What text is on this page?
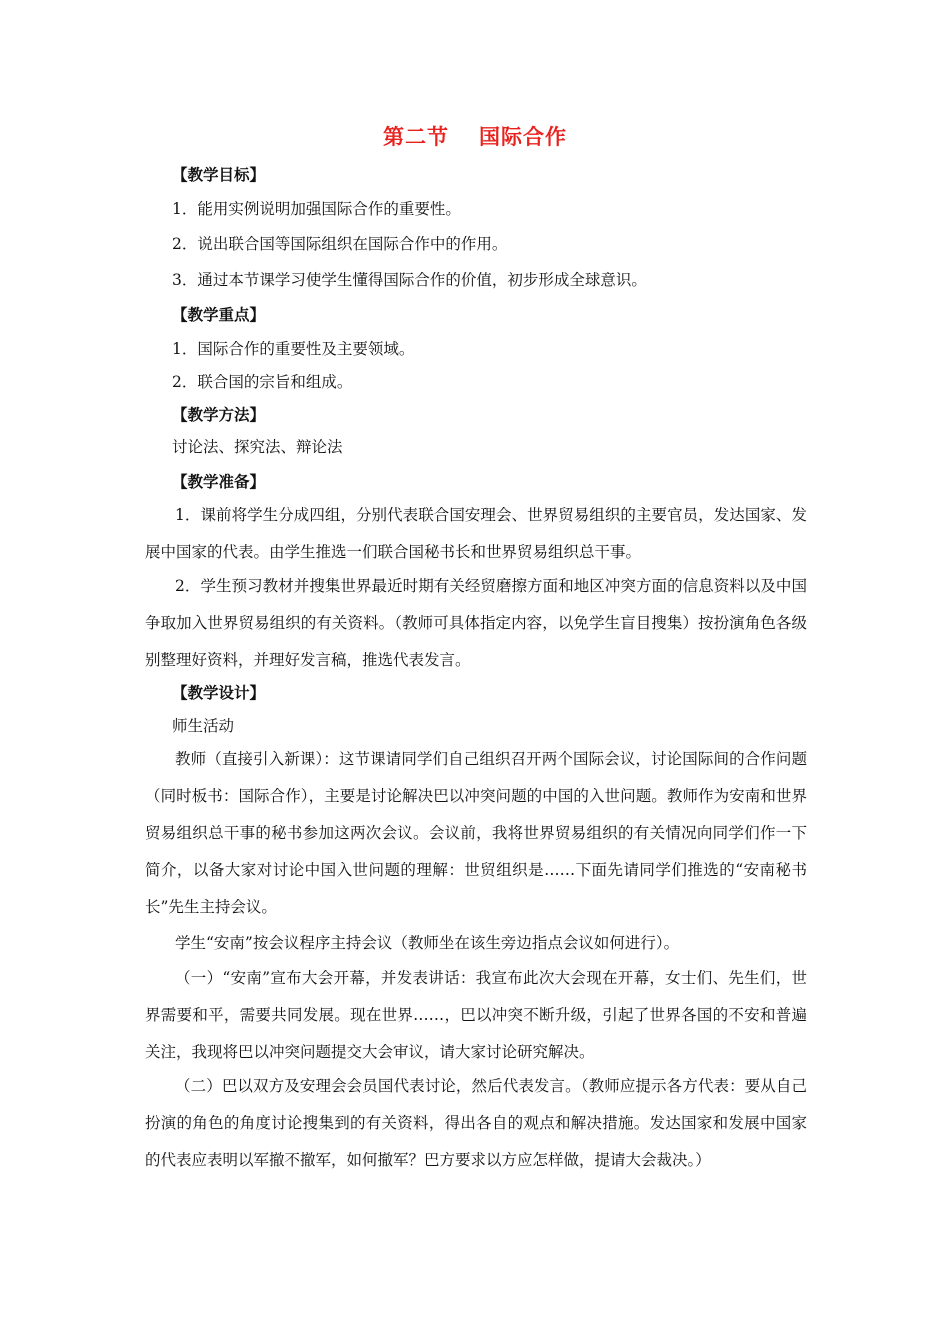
第二节 国际合作
【教学目标】
1．能用实例说明加强国际合作的重要性。
2．说出联合国等国际组织在国际合作中的作用。
3．通过本节课学习使学生懂得国际合作的价值，初步形成全球意识。
【教学重点】
1．国际合作的重要性及主要领域。
2．联合国的宗旨和组成。
【教学方法】
讨论法、探究法、辩论法
【教学准备】
1．课前将学生分成四组，分别代表联合国安理会、世界贸易组织的主要官员，发达国家、发展中国家的代表。由学生推选一们联合国秘书长和世界贸易组织总干事。
2．学生预习教材并搜集世界最近时期有关经贸磨擦方面和地区冲突方面的信息资料以及中国争取加入世界贸易组织的有关资料。（教师可具体指定内容，以免学生盲目搜集）按扮演角色各级别整理好资料，并理好发言稿，推选代表发言。
【教学设计】
师生活动
教师（直接引入新课）：这节课请同学们自己组织召开两个国际会议，讨论国际间的合作问题（同时板书：国际合作），主要是讨论解决巴以冲突问题的中国的入世问题。教师作为安南和世界贸易组织总干事的秘书参加这两次会议。会议前，我将世界贸易组织的有关情况向同学们作一下简介，以备大家对讨论中国入世问题的理解：世贸组织是……下面先请同学们推选的“安南秘书长”先生主持会议。
学生“安南”按会议程序主持会议（教师坐在该生旁边指点会议如何进行）。
（一）“安南”宣布大会开幕，并发表讲话：我宣布此次大会现在开幕，女士们、先生们，世界需要和平，需要共同发展。现在世界……，巴以冲突不断升级，引起了世界各国的不安和普遍关注，我现将巴以冲突问题提交大会审议，请大家讨论研究解决。
（二）巴以双方及安理会会员国代表讨论，然后代表发言。（教师应提示各方代表：要从自己扮演的角色的角度讨论搜集到的有关资料，得出各自的观点和解决措施。发达国家和发展中国家的代表应表明以军撤不撤军，如何撤军？巴方要求以方应怎样做，提请大会裁决。）
